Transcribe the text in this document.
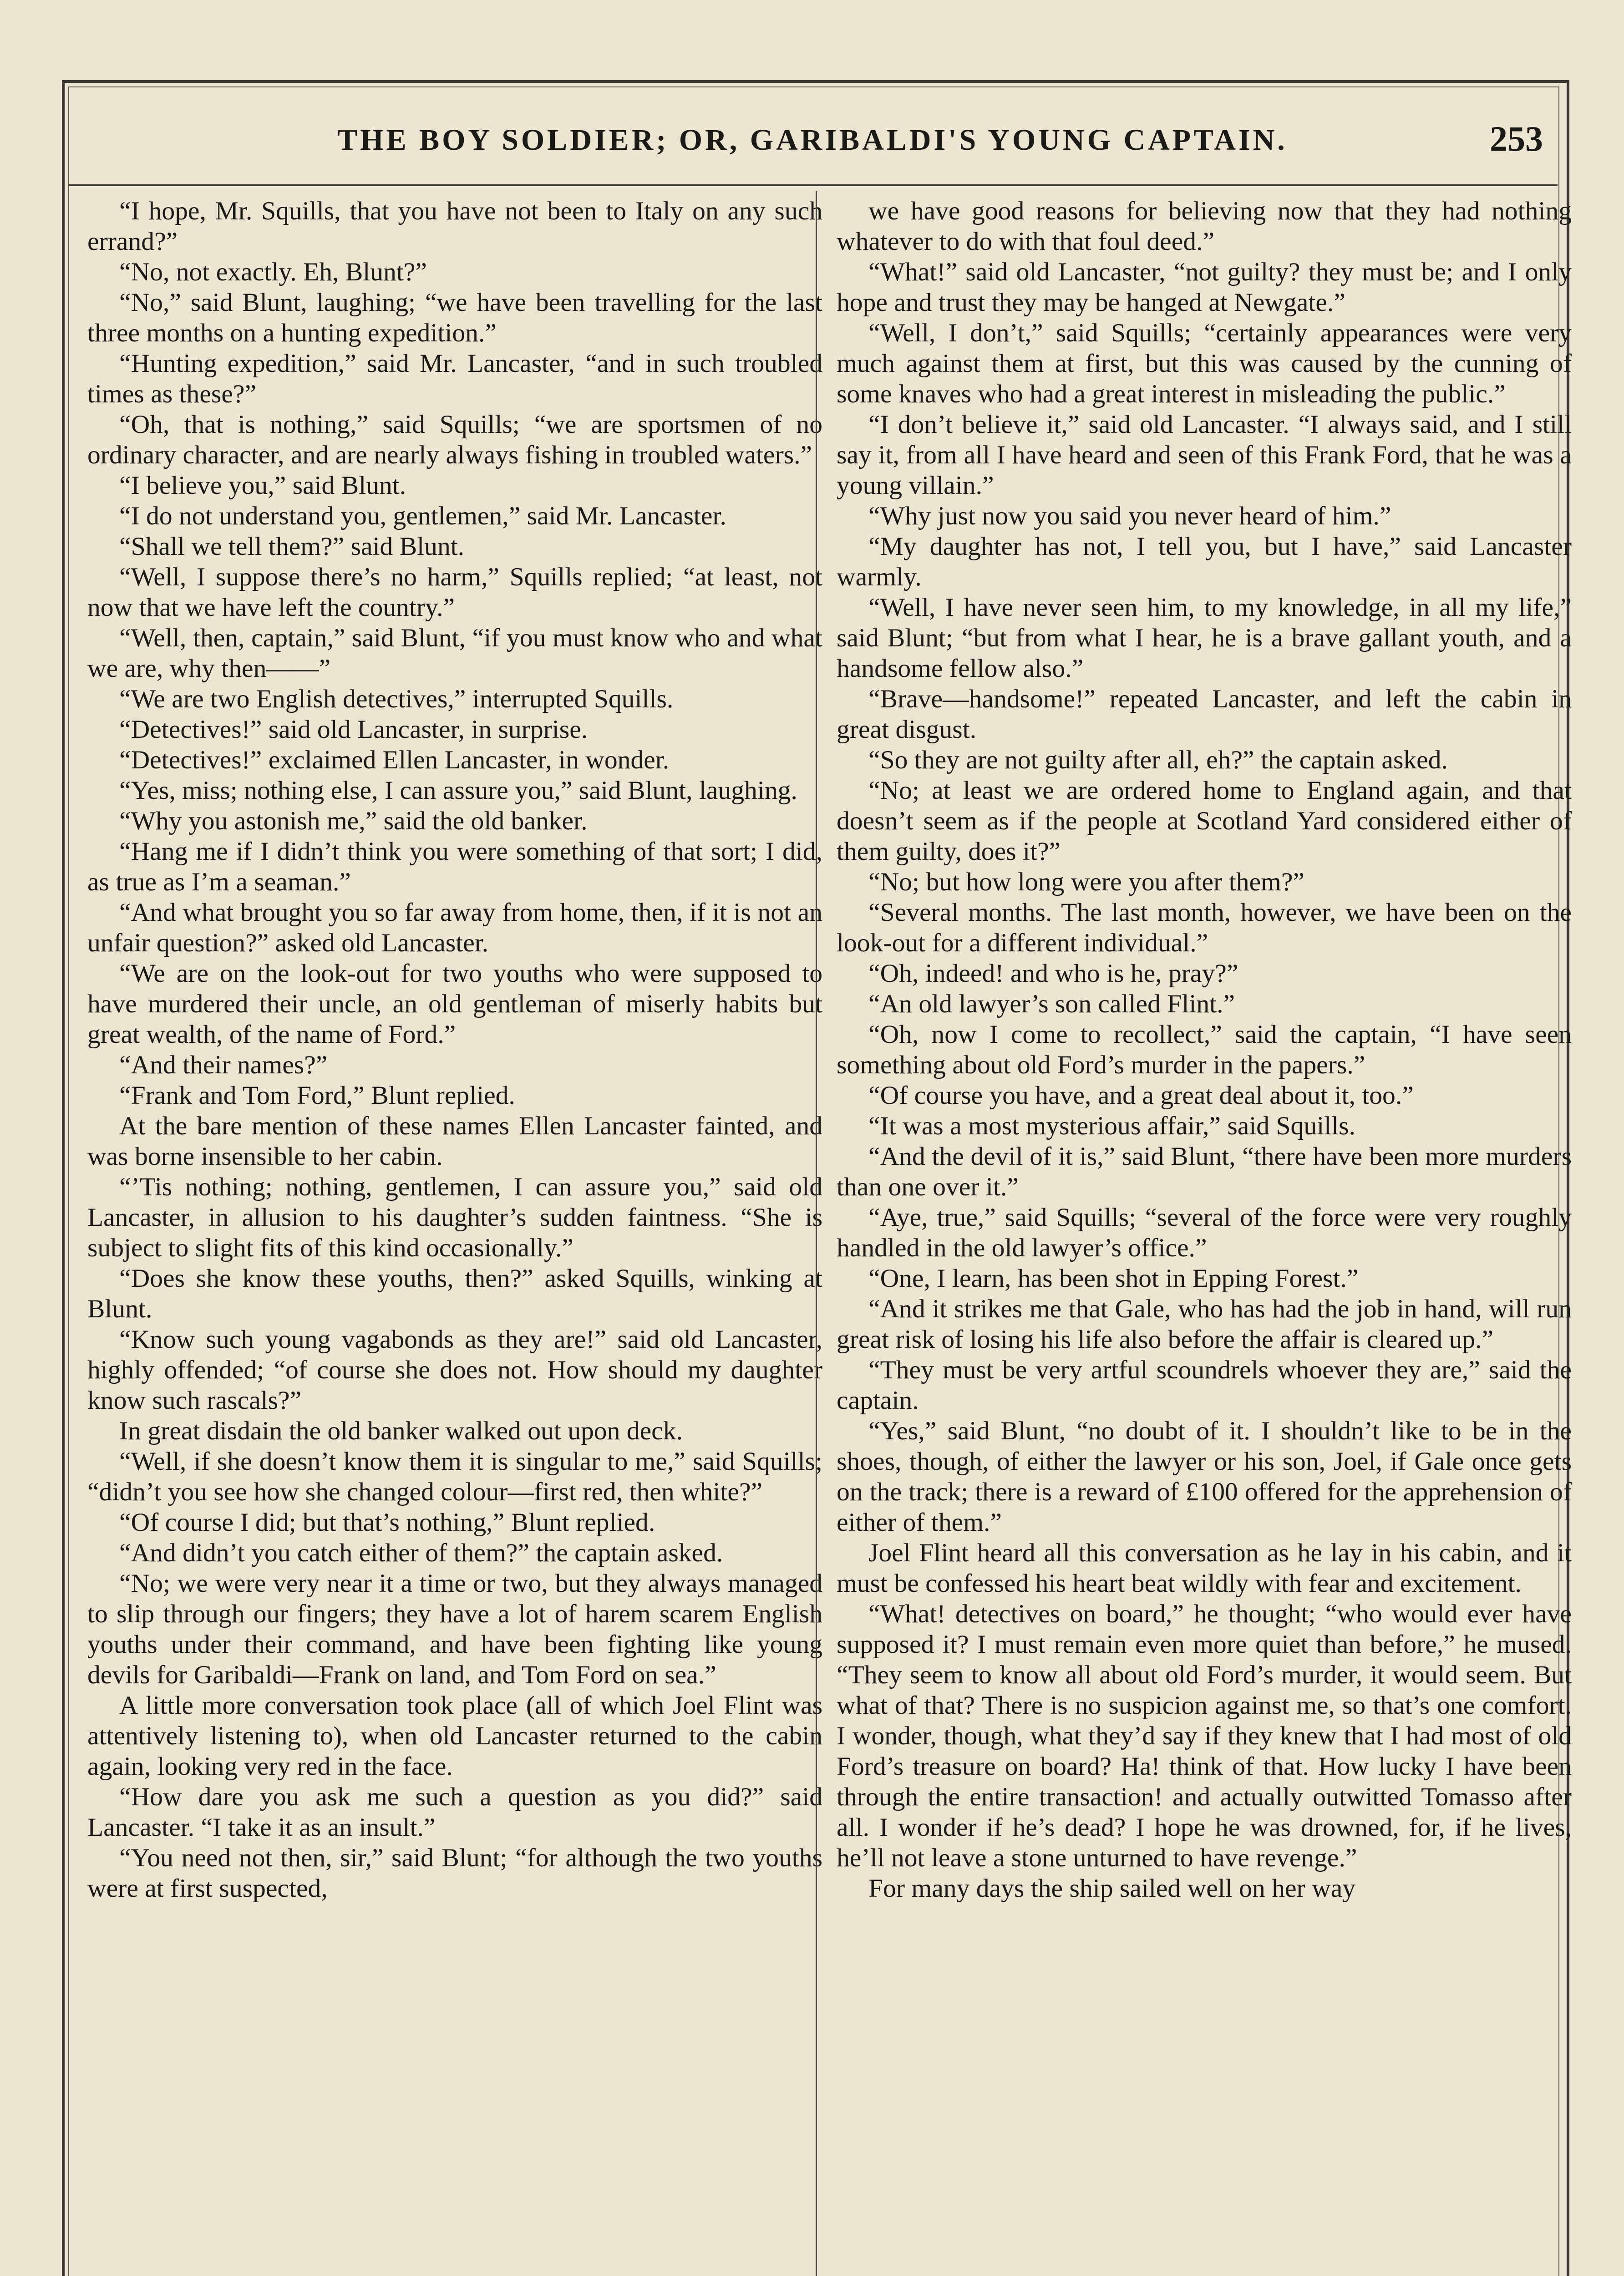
THE BOY SOLDIER; OR, GARIBALDI'S YOUNG CAPTAIN.	253

“I hope, Mr. Squills, that you have not been to Italy on any such errand?”

“No, not exactly. Eh, Blunt?”

“No,” said Blunt, laughing; “we have been travelling for the last three months on a hunting expedition.”

“Hunting expedition,” said Mr. Lancaster, “and in such troubled times as these?”

“Oh, that is nothing,” said Squills; “we are sportsmen of no ordinary character, and are nearly always fishing in troubled waters.”

“I believe you,” said Blunt.

“I do not understand you, gentlemen,” said Mr. Lancaster.

“Shall we tell them?” said Blunt.

“Well, I suppose there’s no harm,” Squills replied; “at least, not now that we have left the country.”

“Well, then, captain,” said Blunt, “if you must know who and what we are, why then——”

“We are two English detectives,” interrupted Squills.

“Detectives!” said old Lancaster, in surprise.

“Detectives!” exclaimed Ellen Lancaster, in wonder.

“Yes, miss; nothing else, I can assure you,” said Blunt, laughing.

“Why you astonish me,” said the old banker.

“Hang me if I didn’t think you were something of that sort; I did, as true as I’m a seaman.”

“And what brought you so far away from home, then, if it is not an unfair question?” asked old Lancaster.

“We are on the look-out for two youths who were supposed to have murdered their uncle, an old gentleman of miserly habits but great wealth, of the name of Ford.”

“And their names?”

“Frank and Tom Ford,” Blunt replied.

At the bare mention of these names Ellen Lancaster fainted, and was borne insensible to her cabin.

“’Tis nothing; nothing, gentlemen, I can assure you,” said old Lancaster, in allusion to his daughter’s sudden faintness. “She is subject to slight fits of this kind occasionally.”

“Does she know these youths, then?” asked Squills, winking at Blunt.

“Know such young vagabonds as they are!” said old Lancaster, highly offended; “of course she does not. How should my daughter know such rascals?”

In great disdain the old banker walked out upon deck.

“Well, if she doesn’t know them it is singular to me,” said Squills; “didn’t you see how she changed colour—first red, then white?”

“Of course I did; but that’s nothing,” Blunt replied.

“And didn’t you catch either of them?” the captain asked.

“No; we were very near it a time or two, but they always managed to slip through our fingers; they have a lot of harem scarem English youths under their command, and have been fighting like young devils for Garibaldi—Frank on land, and Tom Ford on sea.”

A little more conversation took place (all of which Joel Flint was attentively listening to), when old Lancaster returned to the cabin again, looking very red in the face.

“How dare you ask me such a question as you did?” said Lancaster. “I take it as an insult.”

“You need not then, sir,” said Blunt; “for although the two youths were at first suspected,

we have good reasons for believing now that they had nothing whatever to do with that foul deed.”

“What!” said old Lancaster, “not guilty? they must be; and I only hope and trust they may be hanged at Newgate.”

“Well, I don’t,” said Squills; “certainly appearances were very much against them at first, but this was caused by the cunning of some knaves who had a great interest in misleading the public.”

“I don’t believe it,” said old Lancaster. “I always said, and I still say it, from all I have heard and seen of this Frank Ford, that he was a young villain.”

“Why just now you said you never heard of him.”

“My daughter has not, I tell you, but I have,” said Lancaster warmly.

“Well, I have never seen him, to my knowledge, in all my life,” said Blunt; “but from what I hear, he is a brave gallant youth, and a handsome fellow also.”

“Brave—handsome!” repeated Lancaster, and left the cabin in great disgust.

“So they are not guilty after all, eh?” the captain asked.

“No; at least we are ordered home to England again, and that doesn’t seem as if the people at Scotland Yard considered either of them guilty, does it?”

“No; but how long were you after them?”

“Several months. The last month, however, we have been on the look-out for a different individual.”

“Oh, indeed! and who is he, pray?”

“An old lawyer’s son called Flint.”

“Oh, now I come to recollect,” said the captain, “I have seen something about old Ford’s murder in the papers.”

“Of course you have, and a great deal about it, too.”

“It was a most mysterious affair,” said Squills.

“And the devil of it is,” said Blunt, “there have been more murders than one over it.”

“Aye, true,” said Squills; “several of the force were very roughly handled in the old lawyer’s office.”

“One, I learn, has been shot in Epping Forest.”

“And it strikes me that Gale, who has had the job in hand, will run great risk of losing his life also before the affair is cleared up.”

“They must be very artful scoundrels whoever they are,” said the captain.

“Yes,” said Blunt, “no doubt of it. I shouldn’t like to be in the shoes, though, of either the lawyer or his son, Joel, if Gale once gets on the track; there is a reward of £100 offered for the apprehension of either of them.”

Joel Flint heard all this conversation as he lay in his cabin, and it must be confessed his heart beat wildly with fear and excitement.

“What! detectives on board,” he thought; “who would ever have supposed it? I must remain even more quiet than before,” he mused. “They seem to know all about old Ford’s murder, it would seem. But what of that? There is no suspicion against me, so that’s one comfort. I wonder, though, what they’d say if they knew that I had most of old Ford’s treasure on board? Ha! think of that. How lucky I have been through the entire transaction! and actually outwitted Tomasso after all. I wonder if he’s dead? I hope he was drowned, for, if he lives, he’ll not leave a stone unturned to have revenge.”

For many days the ship sailed well on her way
